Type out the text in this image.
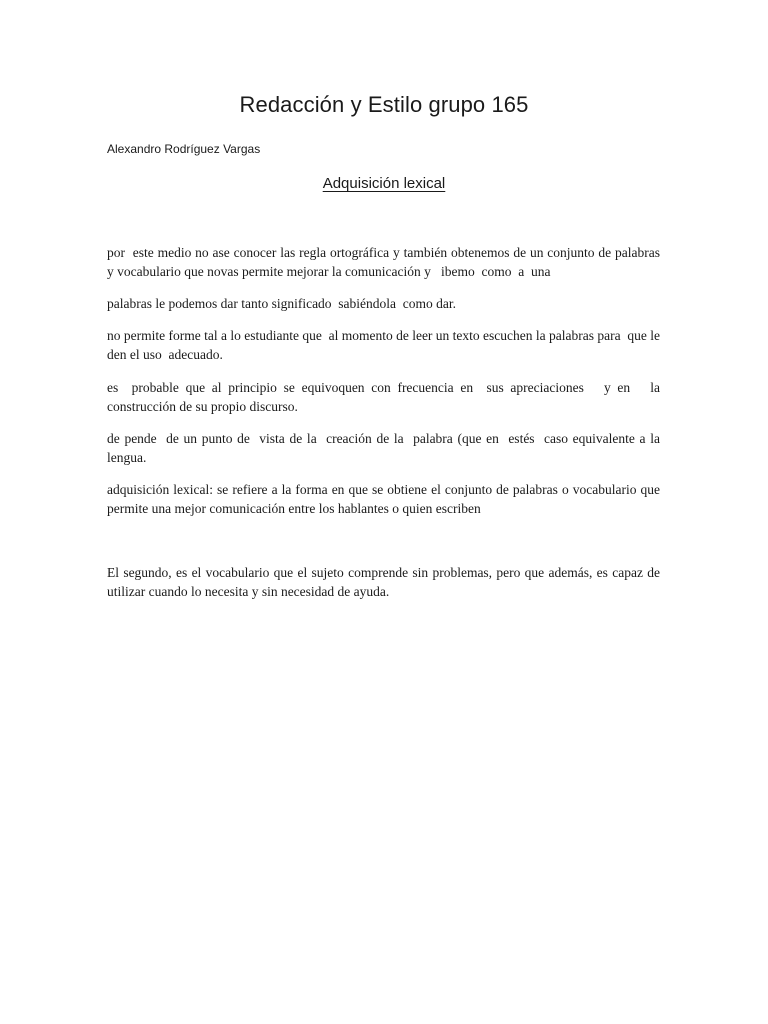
Redacción y Estilo grupo 165
Alexandro Rodríguez Vargas
Adquisición lexical

por  este medio no ase conocer las regla ortográfica y también obtenemos de un conjunto de palabras y vocabulario que novas permite mejorar la comunicación y   ibemo  como  a  una

palabras le podemos dar tanto significado  sabiéndola  como dar.

no permite forme tal a lo estudiante que  al momento de leer un texto escuchen la palabras para  que le den el uso  adecuado.

es  probable que al principio se equivoquen con frecuencia en  sus apreciaciones   y en   la construcción de su propio discurso.

de pende  de un punto de  vista de la  creación de la  palabra (que en  estés  caso equivalente a la  lengua.

adquisición lexical: se refiere a la forma en que se obtiene el conjunto de palabras o vocabulario que permite una mejor comunicación entre los hablantes o quien escriben

El segundo, es el vocabulario que el sujeto comprende sin problemas, pero que además, es capaz de utilizar cuando lo necesita y sin necesidad de ayuda.
